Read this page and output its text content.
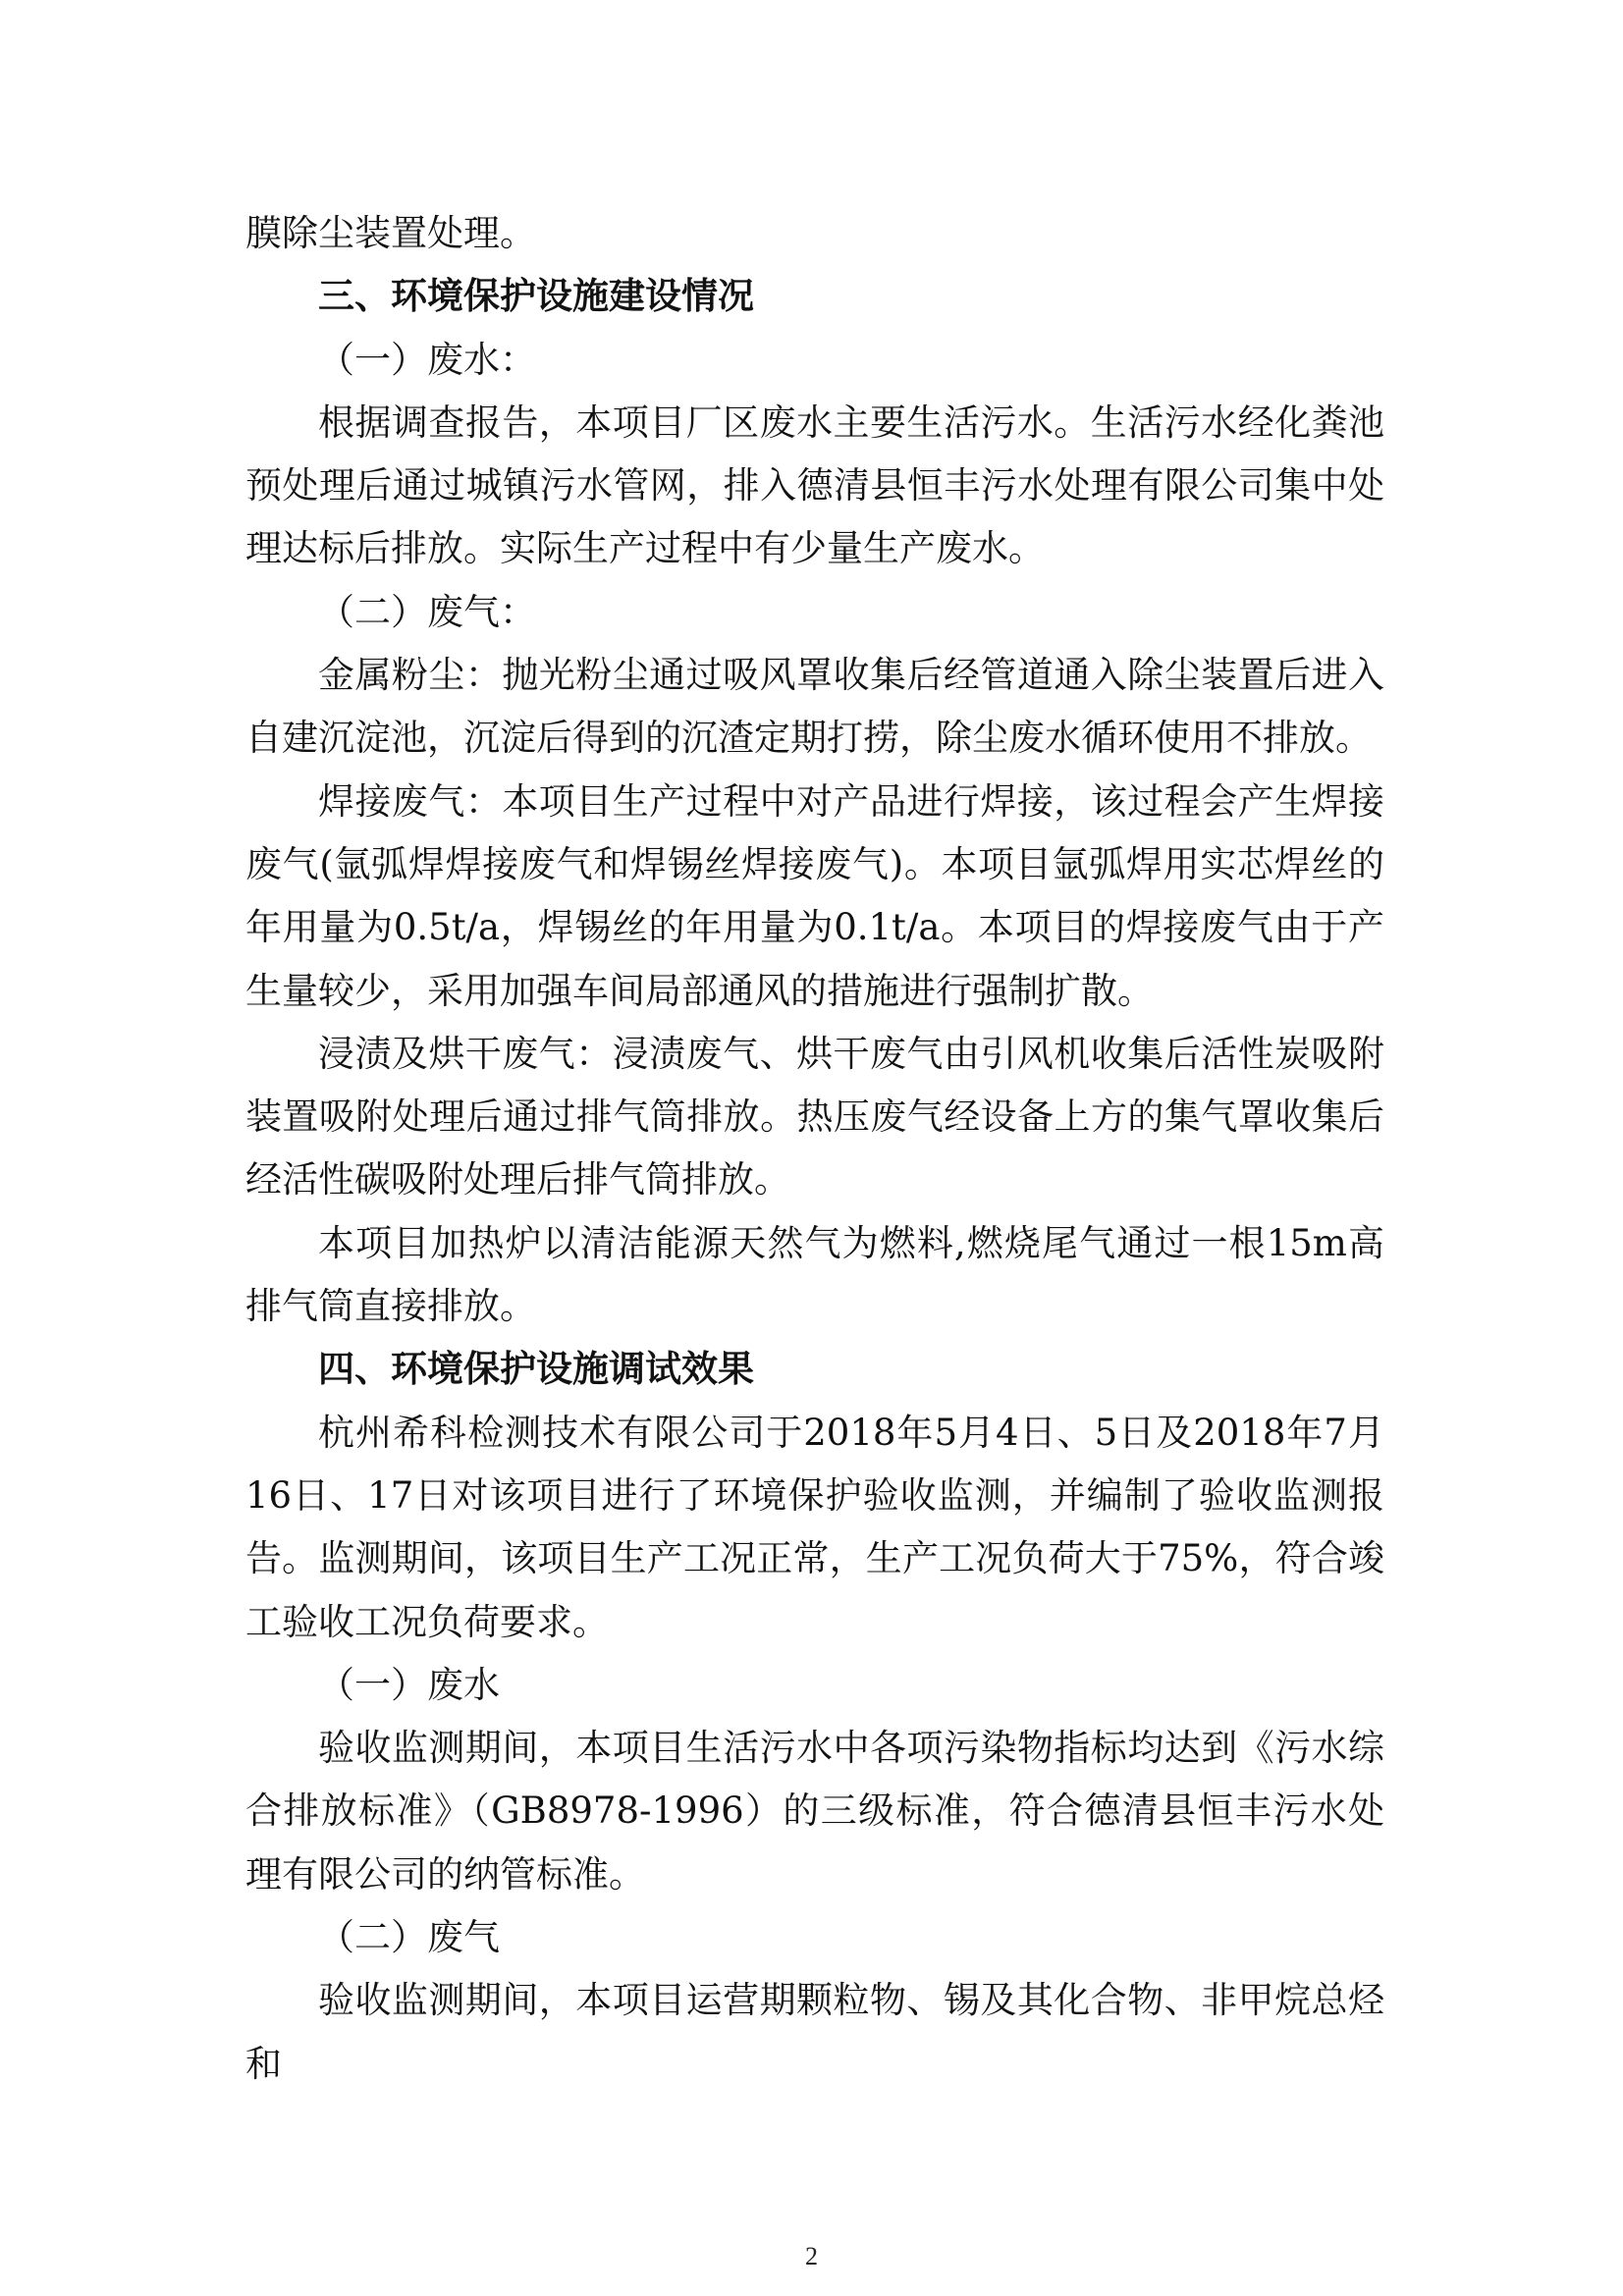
膜除尘装置处理。

三、环境保护设施建设情况

（一）废水：

根据调查报告，本项目厂区废水主要生活污水。生活污水经化粪池预处理后通过城镇污水管网，排入德清县恒丰污水处理有限公司集中处理达标后排放。实际生产过程中有少量生产废水。

（二）废气：

金属粉尘：抛光粉尘通过吸风罩收集后经管道通入除尘装置后进入自建沉淀池，沉淀后得到的沉渣定期打捞，除尘废水循环使用不排放。

焊接废气：本项目生产过程中对产品进行焊接，该过程会产生焊接废气(氩弧焊焊接废气和焊锡丝焊接废气)。本项目氩弧焊用实芯焊丝的年用量为0.5t/a，焊锡丝的年用量为0.1t/a。本项目的焊接废气由于产生量较少，采用加强车间局部通风的措施进行强制扩散。

浸渍及烘干废气：浸渍废气、烘干废气由引风机收集后活性炭吸附装置吸附处理后通过排气筒排放。热压废气经设备上方的集气罩收集后经活性碳吸附处理后排气筒排放。

本项目加热炉以清洁能源天然气为燃料,燃烧尾气通过一根15m高排气筒直接排放。

四、环境保护设施调试效果

杭州希科检测技术有限公司于2018年5月4日、5日及2018年7月16日、17日对该项目进行了环境保护验收监测，并编制了验收监测报告。监测期间，该项目生产工况正常，生产工况负荷大于75%，符合竣工验收工况负荷要求。

（一）废水

验收监测期间，本项目生活污水中各项污染物指标均达到《污水综合排放标准》（GB8978-1996）的三级标准，符合德清县恒丰污水处理有限公司的纳管标准。

（二）废气

验收监测期间，本项目运营期颗粒物、锡及其化合物、非甲烷总烃和

2
